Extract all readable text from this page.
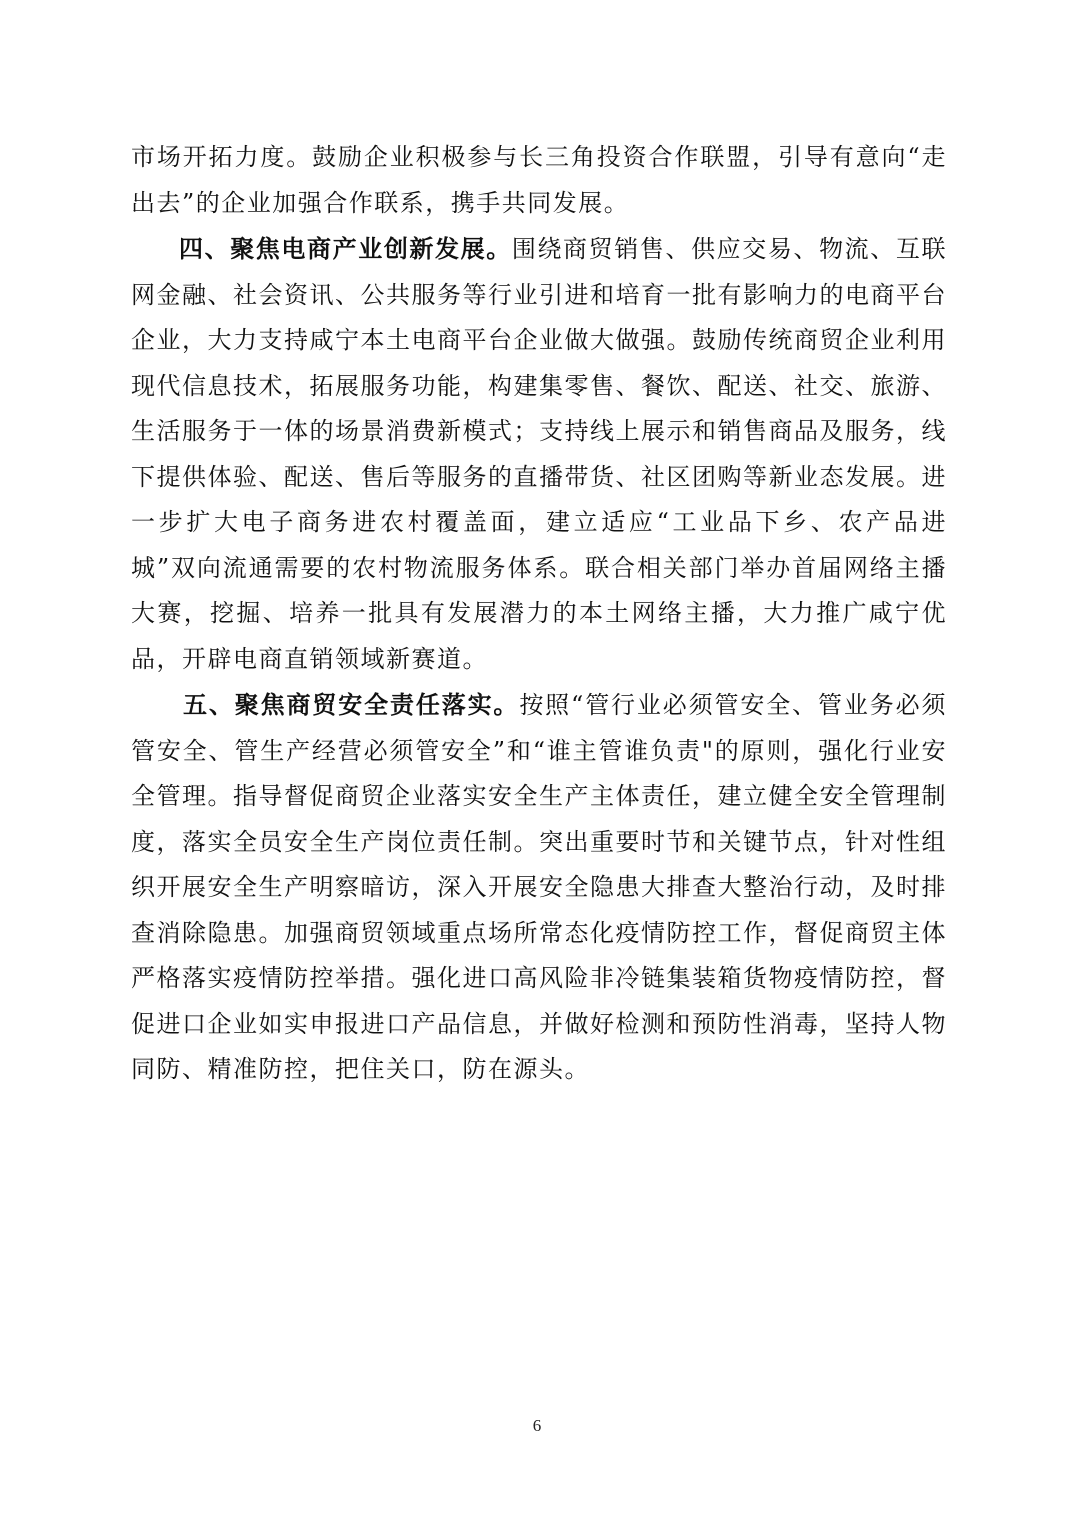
市场开拓力度。鼓励企业积极参与长三角投资合作联盟，引导有意向“走出去”的企业加强合作联系，携手共同发展。

四、聚焦电商产业创新发展。围绕商贸销售、供应交易、物流、互联网金融、社会资讯、公共服务等行业引进和培育一批有影响力的电商平台企业，大力支持咸宁本土电商平台企业做大做强。鼓励传统商贸企业利用现代信息技术，拓展服务功能，构建集零售、餐饮、配送、社交、旅游、生活服务于一体的场景消费新模式；支持线上展示和销售商品及服务，线下提供体验、配送、售后等服务的直播带货、社区团购等新业态发展。进一步扩大电子商务进农村覆盖面，建立适应“工业品下乡、农产品进城”双向流通需要的农村物流服务体系。联合相关部门举办首届网络主播大赛，挖掘、培养一批具有发展潜力的本土网络主播，大力推广咸宁优品，开辟电商直销领域新赛道。

五、聚焦商贸安全责任落实。按照“管行业必须管安全、管业务必须管安全、管生产经营必须管安全”和“谁主管谁负责"的原则，强化行业安全管理。指导督促商贸企业落实安全生产主体责任，建立健全安全管理制度，落实全员安全生产岗位责任制。突出重要时节和关键节点，针对性组织开展安全生产明察暗访，深入开展安全隐患大排查大整治行动，及时排查消除隐患。加强商贸领域重点场所常态化疫情防控工作，督促商贸主体严格落实疫情防控举措。强化进口高风险非冷链集装箱货物疫情防控，督促进口企业如实申报进口产品信息，并做好检测和预防性消毒，坚持人物同防、精准防控，把住关口，防在源头。

6
